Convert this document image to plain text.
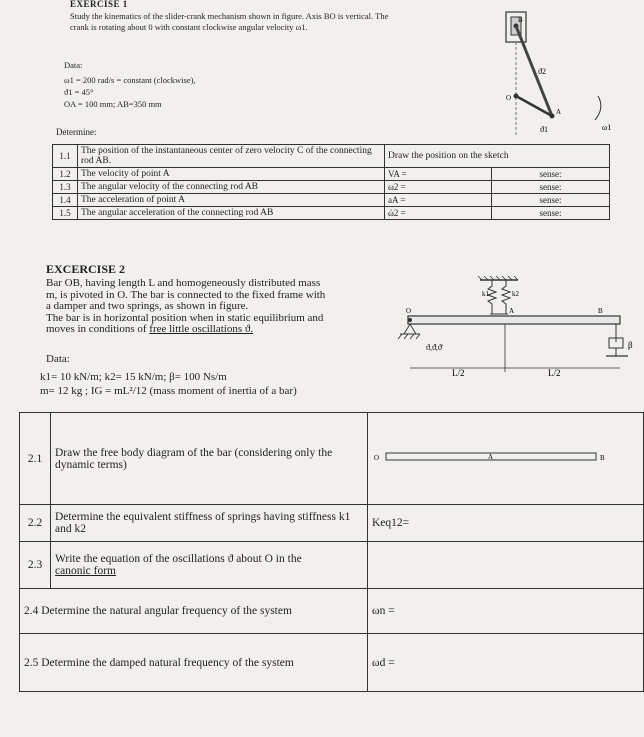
EXERCISE 1
Study the kinematics of the slider-crank mechanism shown in figure. Axis BO is vertical. The crank is rotating about 0 with constant clockwise angular velocity ω1.
Data:
ω1 = 200 rad/s = constant (clockwise),
ϑ1 = 45°
OA = 100 mm; AB=350 mm
B
ϑ2
O
A
ϑ1	ω1
Determine:
1.1	The position of the instantaneous center of zero velocity C of the connecting rod AB.	Draw the position on the sketch	
1.2	The velocity of point A	VA =	sense:
1.3	The angular velocity of the connecting rod AB	ω2 =	sense:
1.4	The acceleration of point A	aA =	sense:
1.5	The angular acceleration of the connecting rod AB	ώ2 =	sense:
EXCERCISE 2
Bar OB, having length L and homogeneously distributed mass
m, is pivoted in O. The bar is connected to the fixed frame with
a damper and two springs, as shown in figure.
The bar is in horizontal position when in static equilibrium and
moves in conditions of free little oscillations ϑ.
Data:
k1= 10 kN/m; k2= 15 kN/m; β= 100 Ns/m
m= 12 kg ; IG = mL²/12 (mass moment of inertia of a bar)
k1	k2
O	A	B
β
ϑ,ϑ̇,ϑ̈
L/2	L/2
2.1	Draw the free body diagram of the bar (considering only the dynamic terms)	O A B

2.2	Determine the equivalent stiffness of springs having stiffness k1 and k2	Keq12=
2.3	Write the equation of the oscillations ϑ about O in the
canonic form	
2.4 Determine the natural angular frequency of the system		ωn =
2.5 Determine the damped natural frequency of the system		ωd =
